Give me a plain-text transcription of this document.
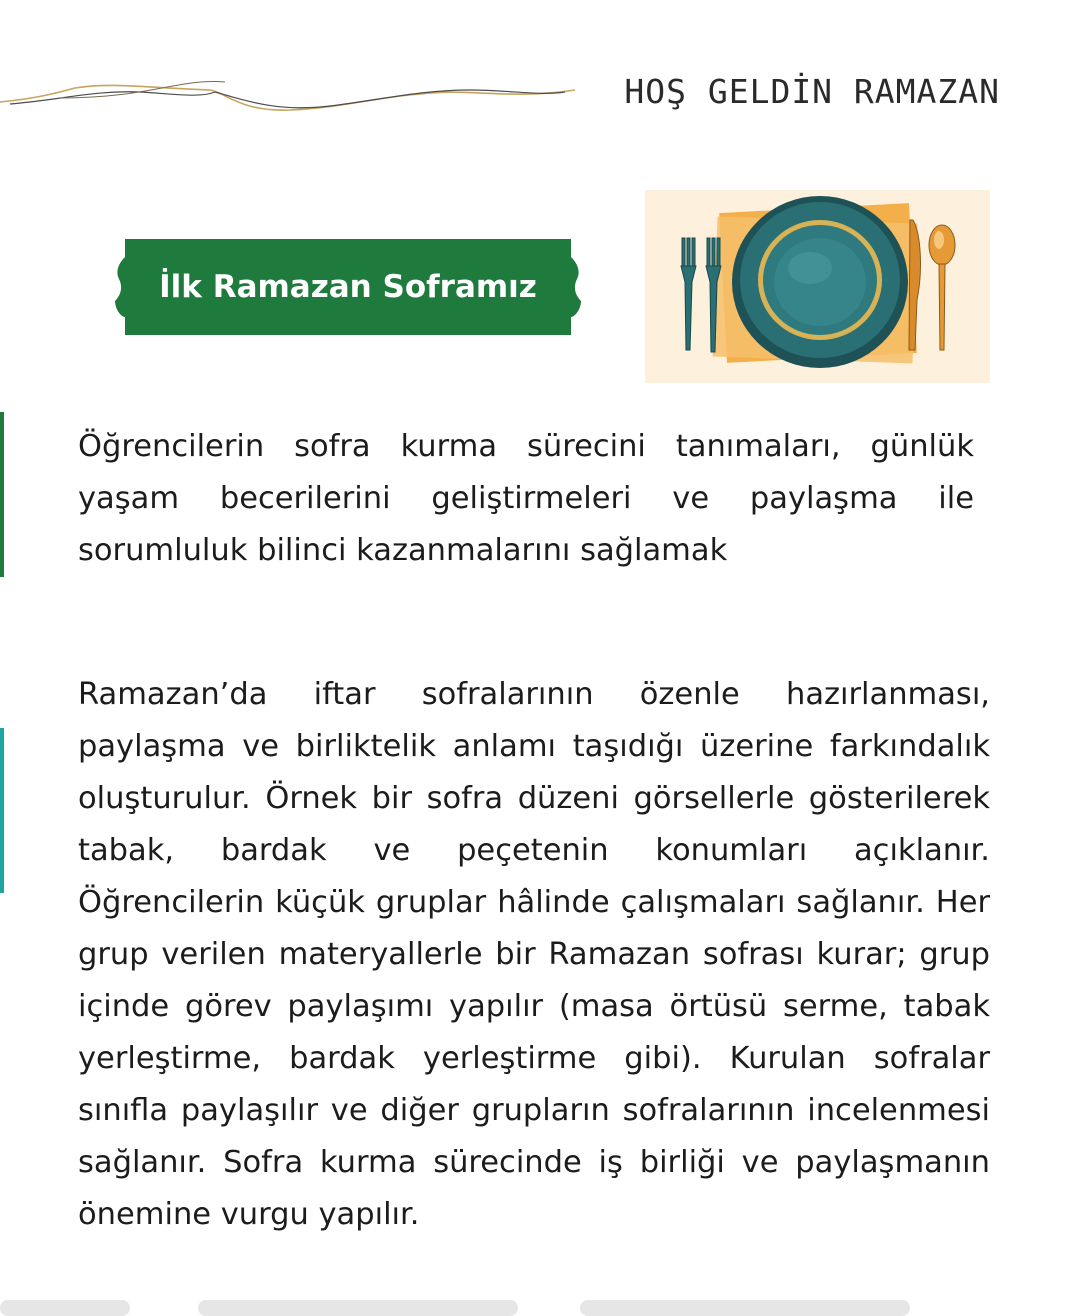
HOŞ GELDİN RAMAZAN
İlk Ramazan Soframız

Öğrencilerin sofra kurma sürecini tanımaları, günlük yaşam becerilerini geliştirmeleri ve paylaşma ile sorumluluk bilinci kazanmalarını sağlamak

Ramazan’da iftar sofralarının özenle hazırlanması, paylaşma ve birliktelik anlamı taşıdığı üzerine farkındalık oluşturulur. Örnek bir sofra düzeni görsellerle gösterilerek tabak, bardak ve peçetenin konumları açıklanır. Öğrencilerin küçük gruplar hâlinde çalışmaları sağlanır. Her grup verilen materyallerle bir Ramazan sofrası kurar; grup içinde görev paylaşımı yapılır (masa örtüsü serme, tabak yerleştirme, bardak yerleştirme gibi). Kurulan sofralar sınıfla paylaşılır ve diğer grupların sofralarının incelenmesi sağlanır. Sofra kurma sürecinde iş birliği ve paylaşmanın önemine vurgu yapılır.
